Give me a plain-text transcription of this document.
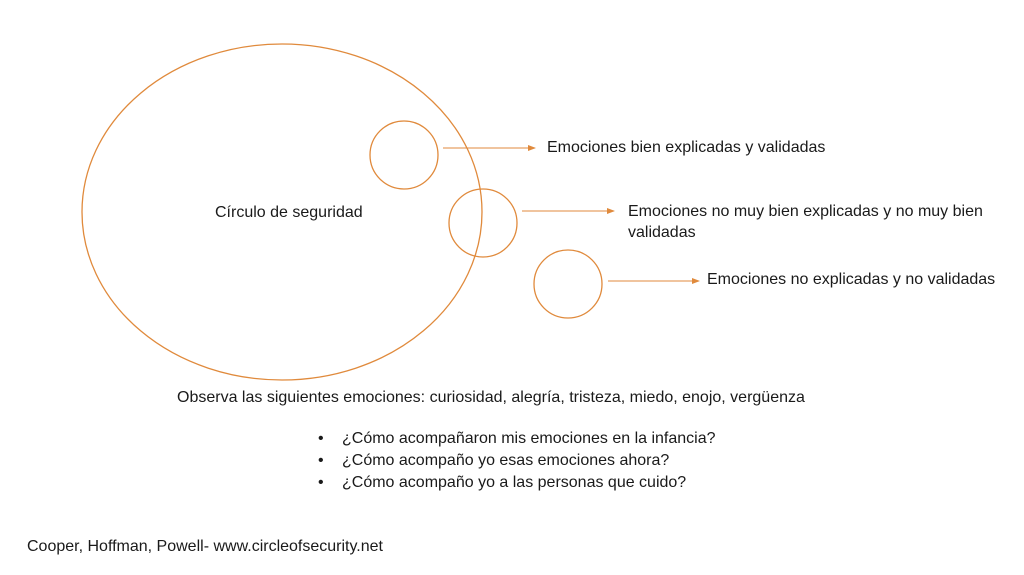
Círculo de seguridad
Emociones bien explicadas y validadas
Emociones no muy bien explicadas y no muy bien validadas
Emociones no explicadas y no validadas
Observa las siguientes emociones: curiosidad, alegría, tristeza, miedo, enojo, vergüenza
• ¿Cómo acompañaron mis emociones en la infancia?
• ¿Cómo acompaño yo esas emociones ahora?
• ¿Cómo acompaño yo a las personas que cuido?
Cooper, Hoffman, Powell- www.circleofsecurity.net
